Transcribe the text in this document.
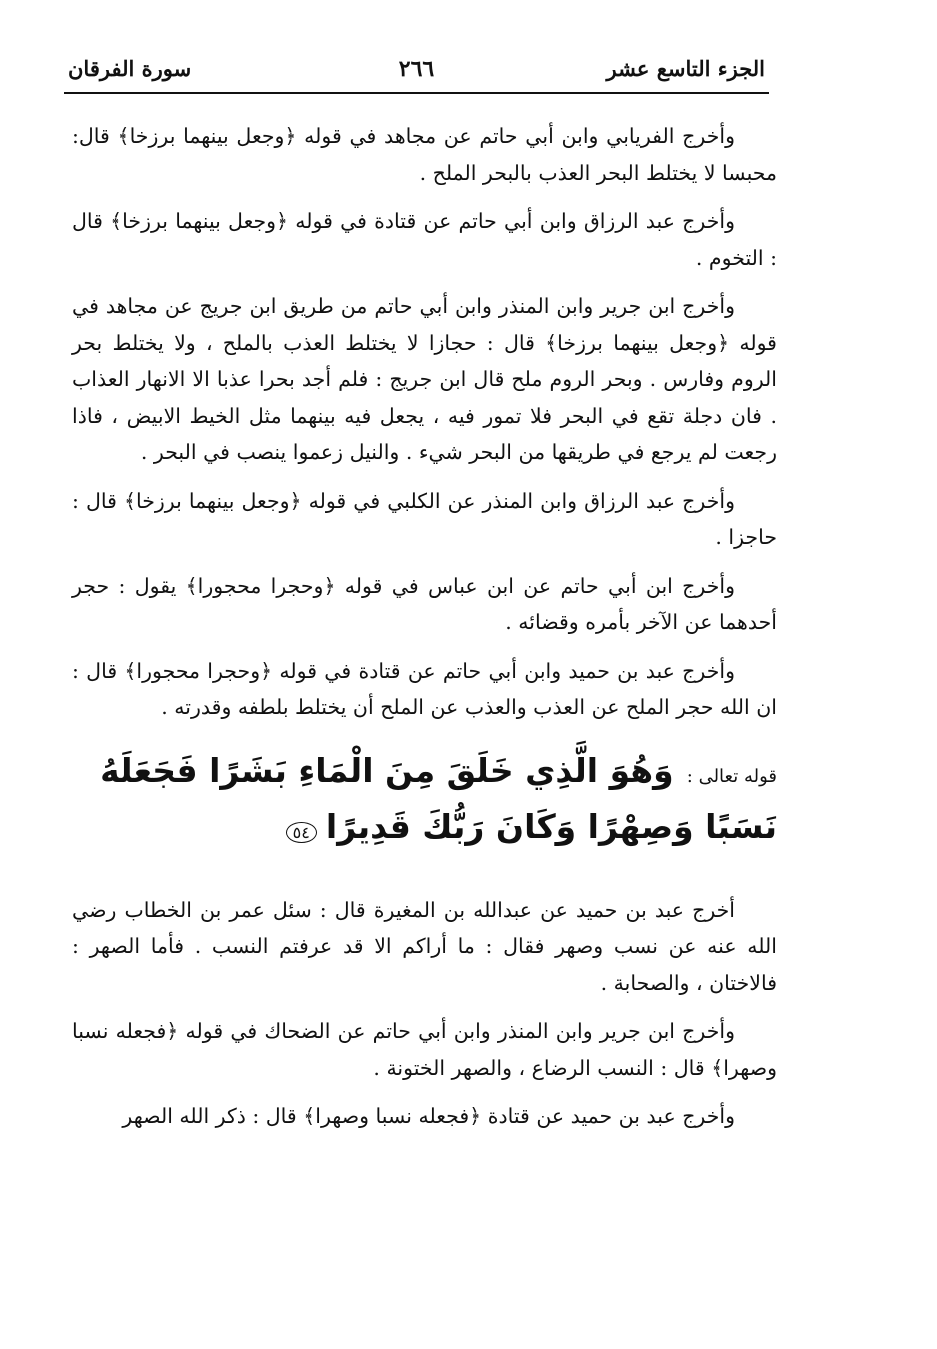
الجزء التاسع عشر
٢٦٦
سورة الفرقان

وأخرج الفريابي وابن أبي حاتم عن مجاهد في قوله ﴿وجعل بينهما برزخا﴾ قال: محبسا لا يختلط البحر العذب بالبحر الملح .

وأخرج عبد الرزاق وابن أبي حاتم عن قتادة في قوله ﴿وجعل بينهما برزخا﴾ قال : التخوم .

وأخرج ابن جرير وابن المنذر وابن أبي حاتم من طريق ابن جريج عن مجاهد في قوله ﴿وجعل بينهما برزخا﴾ قال : حجازا لا يختلط العذب بالملح ، ولا يختلط بحر الروم وفارس . وبحر الروم ملح قال ابن جريج : فلم أجد بحرا عذبا الا الانهار العذاب . فان دجلة تقع في البحر فلا تمور فيه ، يجعل فيه بينهما مثل الخيط الابيض ، فاذا رجعت لم يرجع في طريقها من البحر شيء . والنيل زعموا ينصب في البحر .

وأخرج عبد الرزاق وابن المنذر عن الكلبي في قوله ﴿وجعل بينهما برزخا﴾ قال : حاجزا .

وأخرج ابن أبي حاتم عن ابن عباس في قوله ﴿وحجرا محجورا﴾ يقول : حجر أحدهما عن الآخر بأمره وقضائه .

وأخرج عبد بن حميد وابن أبي حاتم عن قتادة في قوله ﴿وحجرا محجورا﴾ قال : ان الله حجر الملح عن العذب والعذب عن الملح أن يختلط بلطفه وقدرته .

قوله تعالى : وَهُوَ الَّذِي خَلَقَ مِنَ الْمَاءِ بَشَرًا فَجَعَلَهُ نَسَبًا وَصِهْرًا وَكَانَ رَبُّكَ قَدِيرًا ٥٤

أخرج عبد بن حميد عن عبدالله بن المغيرة قال : سئل عمر بن الخطاب رضي الله عنه عن نسب وصهر فقال : ما أراكم الا قد عرفتم النسب . فأما الصهر : فالاختان ، والصحابة .

وأخرج ابن جرير وابن المنذر وابن أبي حاتم عن الضحاك في قوله ﴿فجعله نسبا وصهرا﴾ قال : النسب الرضاع ، والصهر الختونة .

وأخرج عبد بن حميد عن قتادة ﴿فجعله نسبا وصهرا﴾ قال : ذكر الله الصهر
